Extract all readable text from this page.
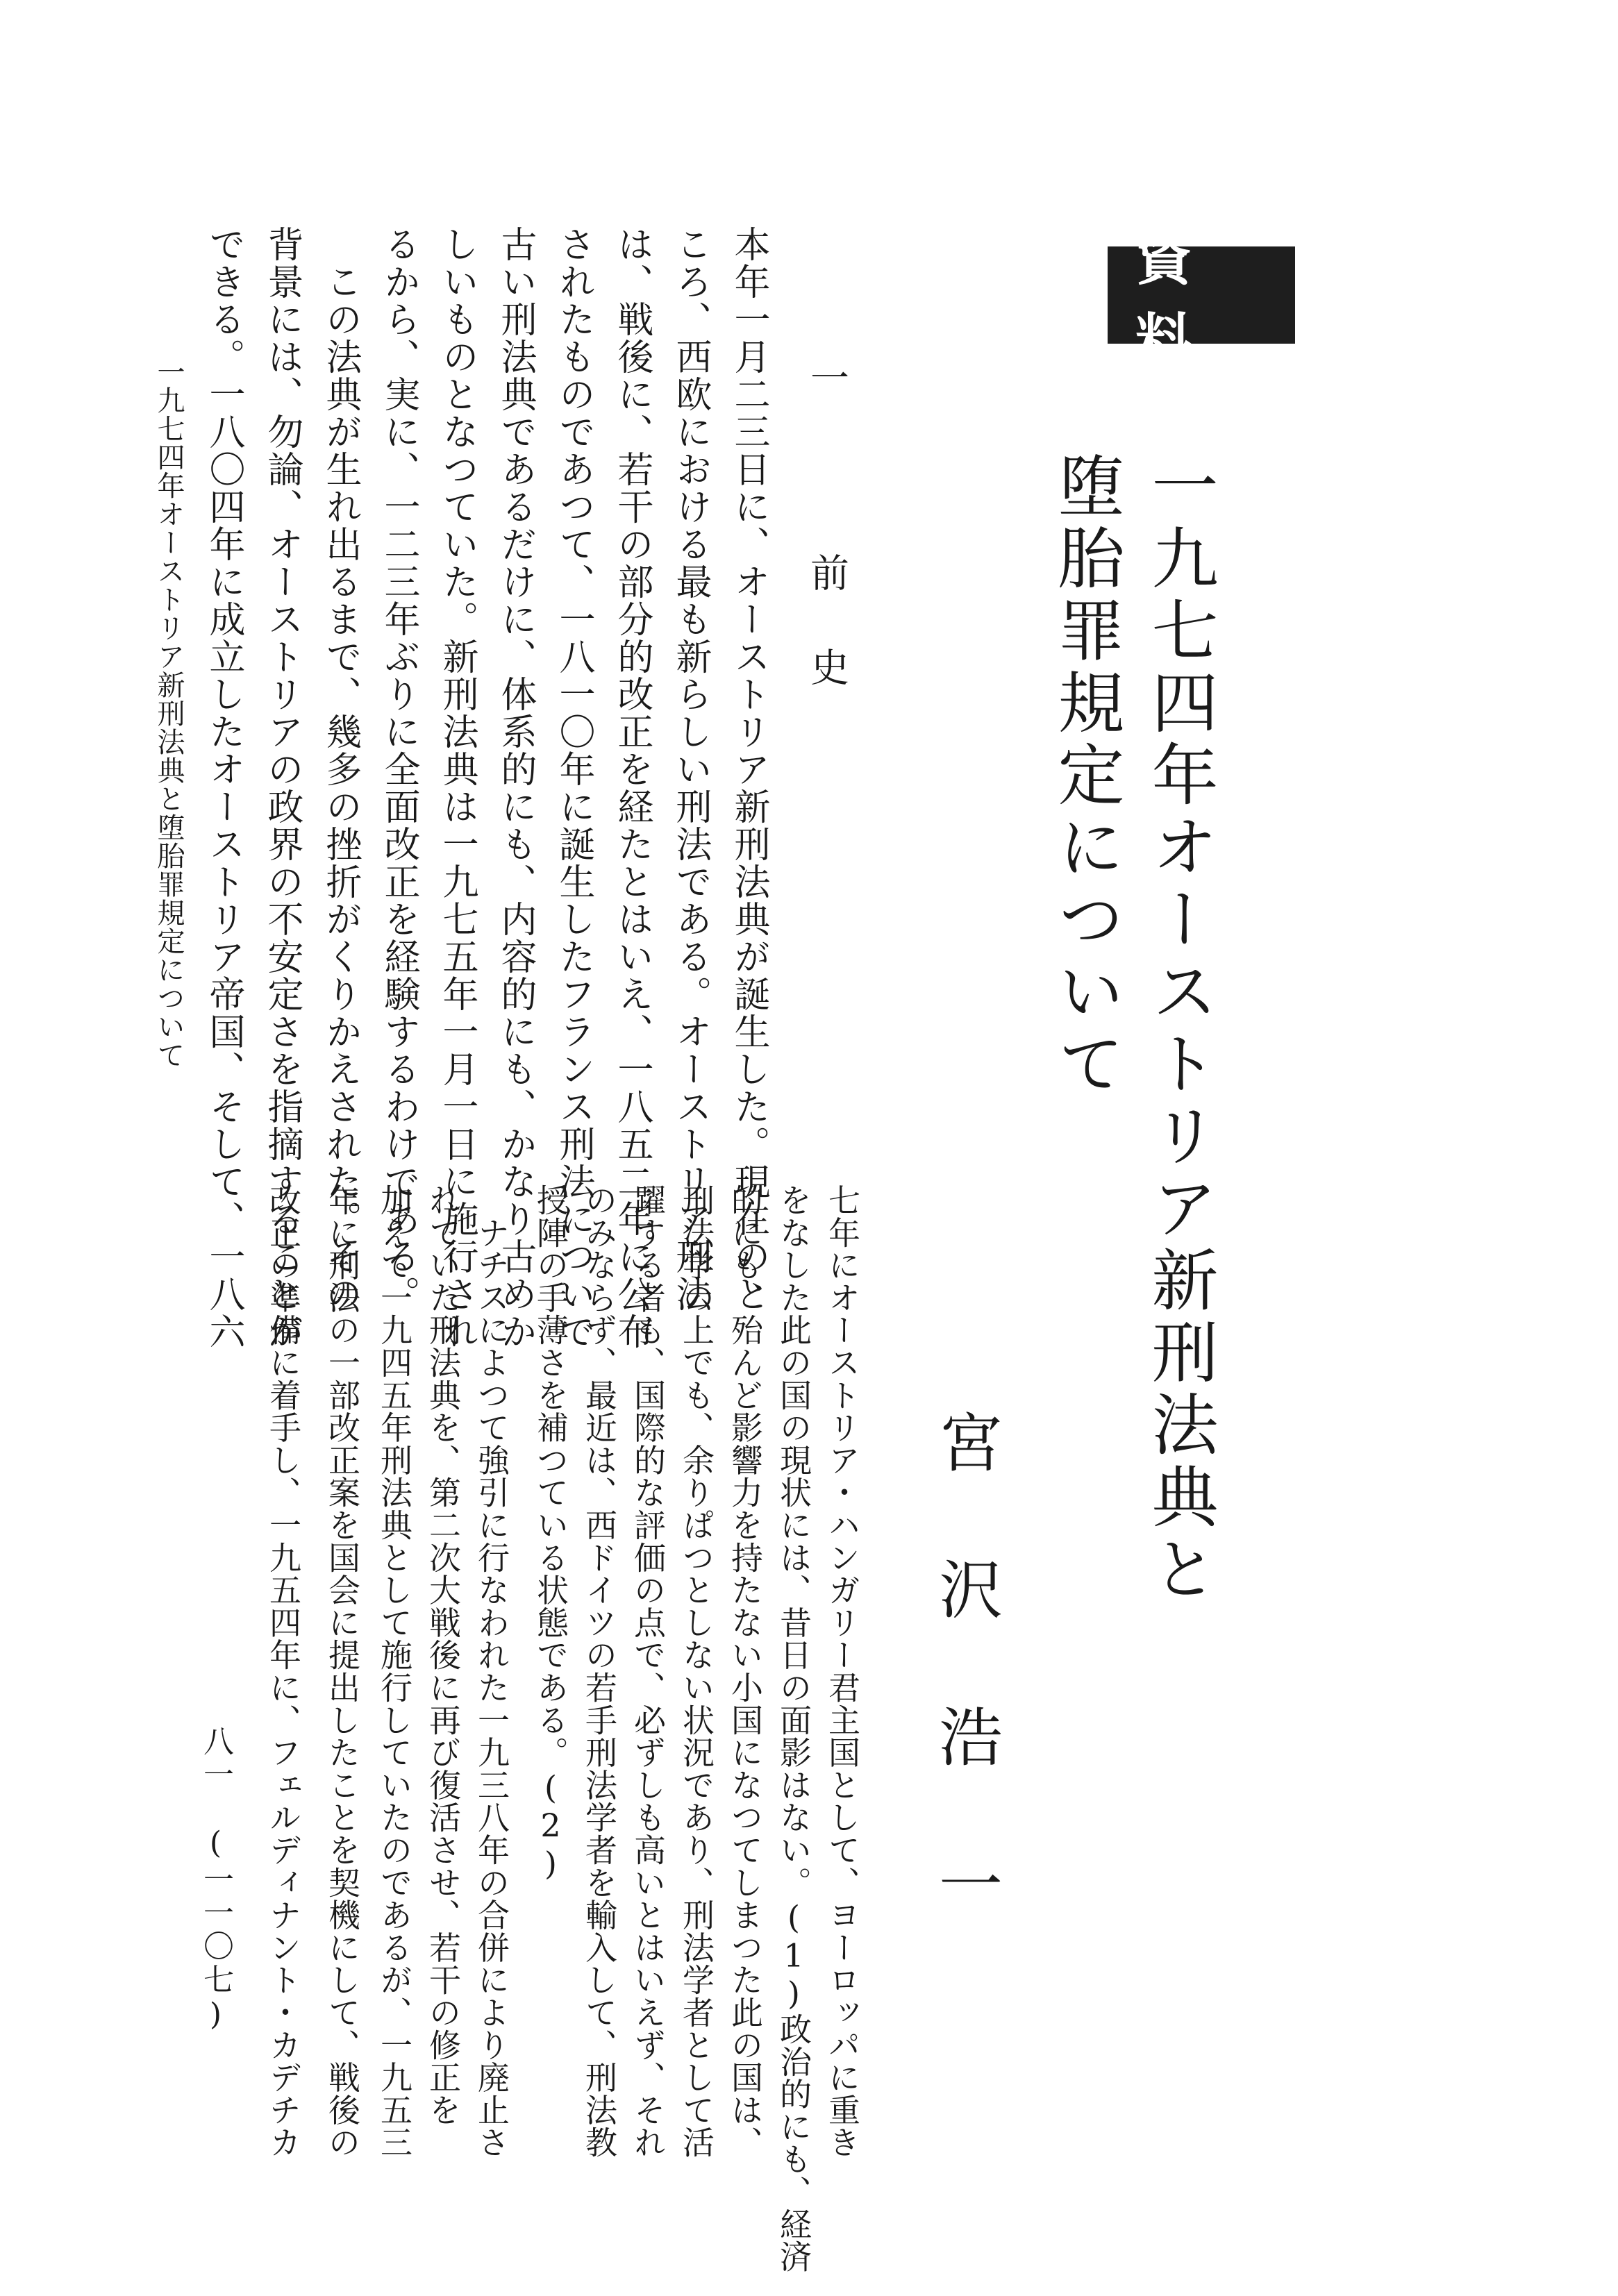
資料
一九七四年オーストリア新刑法典と
堕胎罪規定について
宮沢浩一
一 前史
本年一月二三日に、オーストリア新刑法典が誕生した。現在のと
ころ、西欧における最も新らしい刑法である。オーストリア刑法
は、戦後に、若干の部分的改正を経たとはいえ、一八五二年に公布
されたものであつて、一八一〇年に誕生したフランス刑法についで
古い刑法典であるだけに、体系的にも、内容的にも、かなり古めか
しいものとなつていた。新刑法典は一九七五年一月一日に施行され
るから、実に、一二三年ぶりに全面改正を経験するわけである。
　この法典が生れ出るまで、幾多の挫折がくりかえされた。その
背景には、勿論、オーストリアの政界の不安定さを指摘することが
できる。一八〇四年に成立したオーストリア帝国、そして、一八六
七年にオーストリア・ハンガリー君主国として、ヨーロッパに重き
をなした此の国の現状には、昔日の面影はない。(1)政治的にも、経済
的にも、殆んど影響力を持たない小国になつてしまつた此の国は、
刑法学の上でも、余りぱつとしない状況であり、刑法学者として活
躍する者も、国際的な評価の点で、必ずしも高いとはいえず、それ
のみならず、最近は、西ドイツの若手刑法学者を輸入して、刑法教
授陣の手薄さを補つている状態である。(2)
　ナチスによつて強引に行なわれた一九三八年の合併により廃止さ
れていた刑法典を、第二次大戦後に再び復活させ、若干の修正を
加えて一九四五年刑法典として施行していたのであるが、一九五三
年に刑法の一部改正案を国会に提出したことを契機にして、戦後の
改正の準備に着手し、一九五四年に、フェルディナント・カデチカ
一九七四年オーストリア新刑法典と堕胎罪規定について
八一　(一一〇七)
